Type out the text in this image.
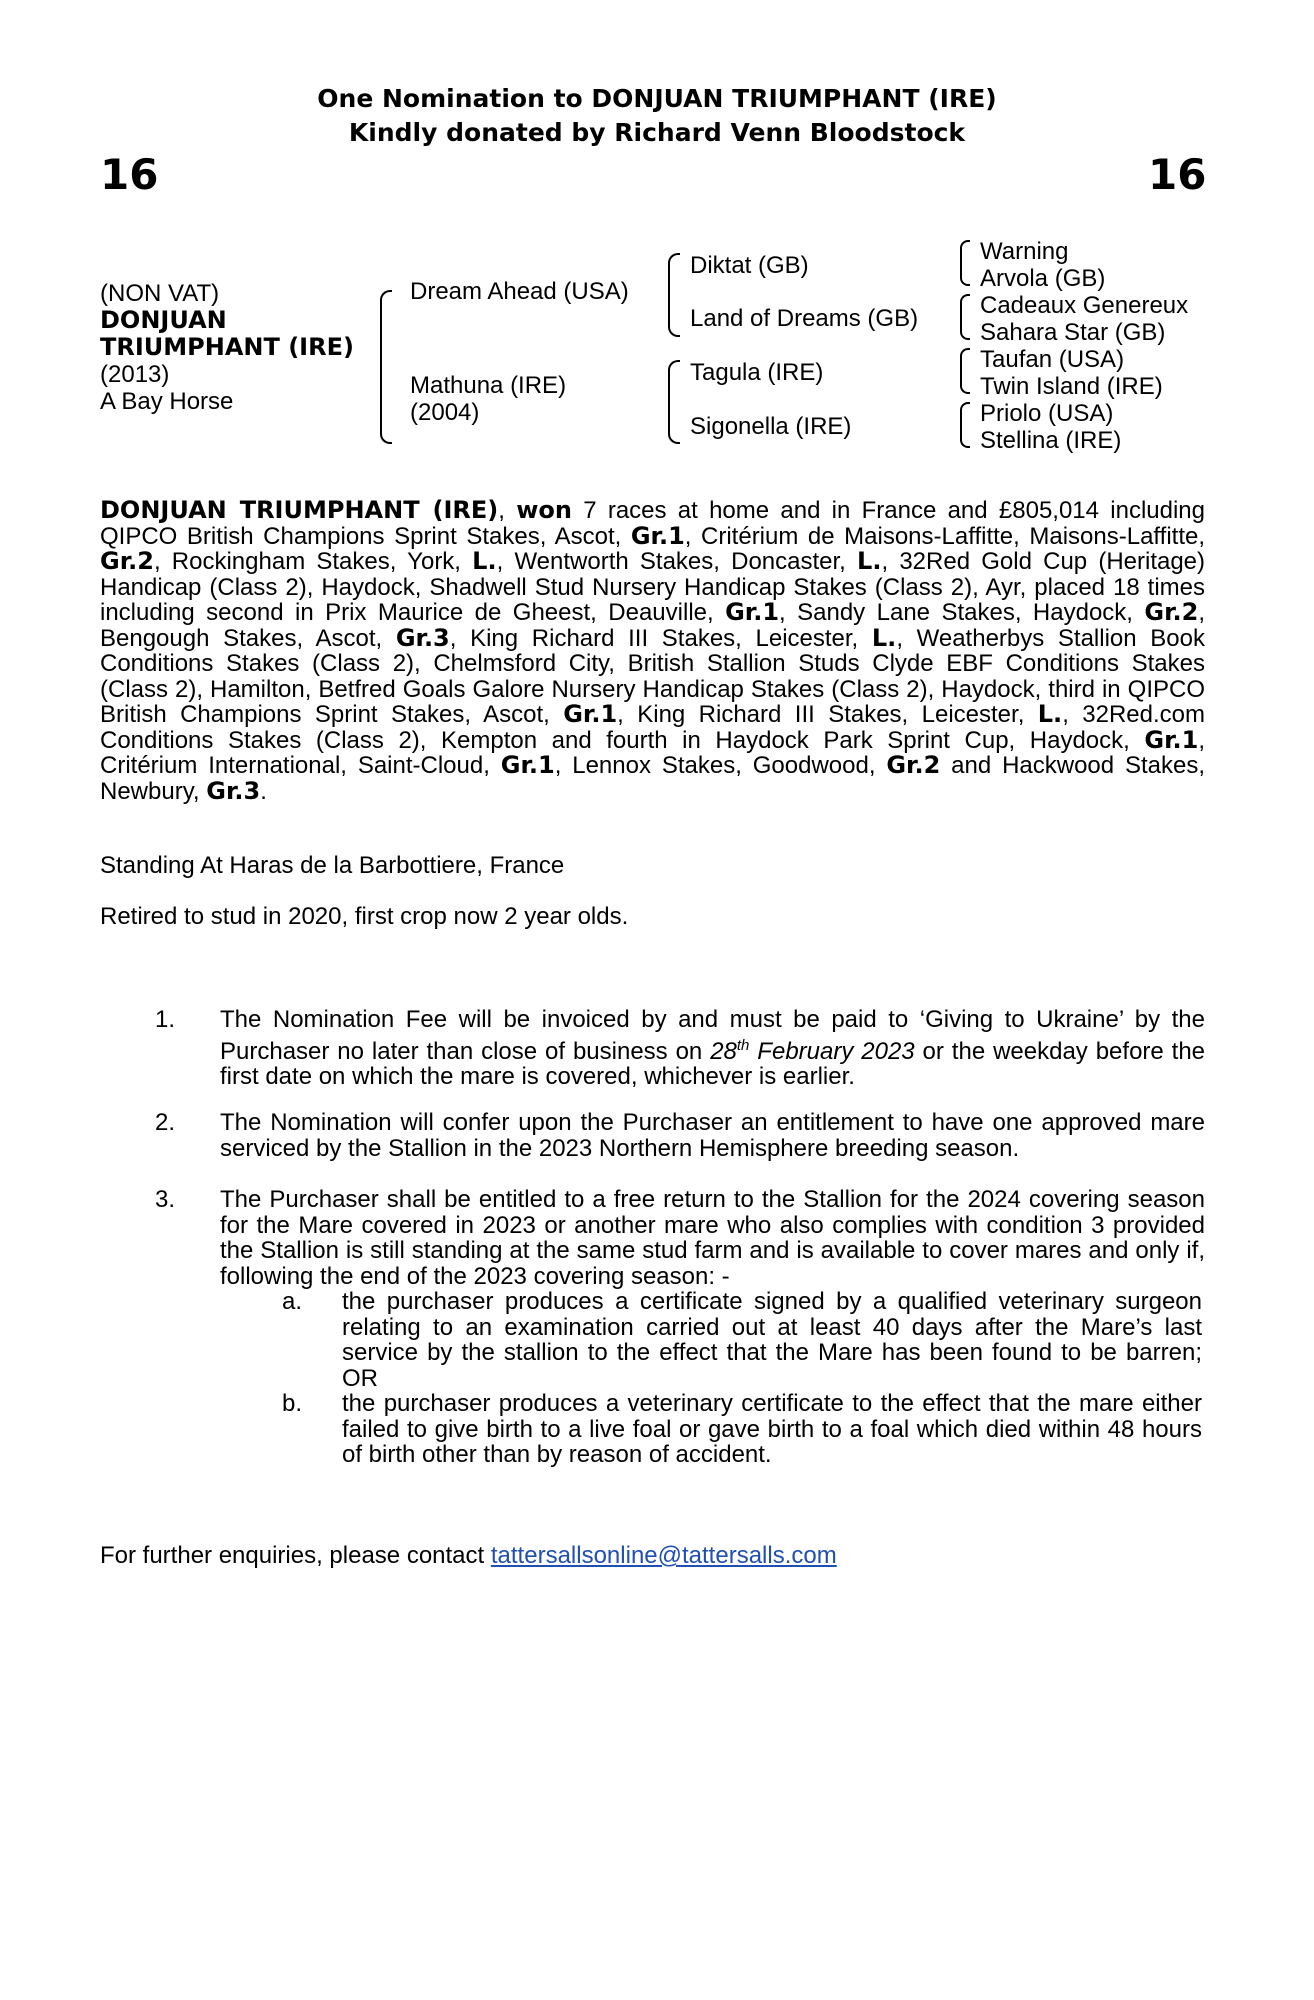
One Nomination to DONJUAN TRIUMPHANT (IRE)
Kindly donated by Richard Venn Bloodstock
16	16
(NON VAT)
DONJUAN
TRIUMPHANT (IRE)
(2013)
A Bay Horse
Dream Ahead (USA)
Mathuna (IRE)
(2004)
Diktat (GB)
Land of Dreams (GB)
Tagula (IRE)
Sigonella (IRE)
Warning
Arvola (GB)
Cadeaux Genereux
Sahara Star (GB)
Taufan (USA)
Twin Island (IRE)
Priolo (USA)
Stellina (IRE)
DONJUAN TRIUMPHANT (IRE), won 7 races at home and in France and £805,014 including QIPCO British Champions Sprint Stakes, Ascot, Gr.1, Critérium de Maisons-Laffitte, Maisons-Laffitte, Gr.2, Rockingham Stakes, York, L., Wentworth Stakes, Doncaster, L., 32Red Gold Cup (Heritage) Handicap (Class 2), Haydock, Shadwell Stud Nursery Handicap Stakes (Class 2), Ayr, placed 18 times including second in Prix Maurice de Gheest, Deauville, Gr.1, Sandy Lane Stakes, Haydock, Gr.2, Bengough Stakes, Ascot, Gr.3, King Richard III Stakes, Leicester, L., Weatherbys Stallion Book Conditions Stakes (Class 2), Chelmsford City, British Stallion Studs Clyde EBF Conditions Stakes (Class 2), Hamilton, Betfred Goals Galore Nursery Handicap Stakes (Class 2), Haydock, third in QIPCO British Champions Sprint Stakes, Ascot, Gr.1, King Richard III Stakes, Leicester, L., 32Red.com Conditions Stakes (Class 2), Kempton and fourth in Haydock Park Sprint Cup, Haydock, Gr.1, Critérium International, Saint-Cloud, Gr.1, Lennox Stakes, Goodwood, Gr.2 and Hackwood Stakes, Newbury, Gr.3.
Standing At Haras de la Barbottiere, France
Retired to stud in 2020, first crop now 2 year olds.
1. The Nomination Fee will be invoiced by and must be paid to ‘Giving to Ukraine’ by the Purchaser no later than close of business on 28th February 2023 or the weekday before the first date on which the mare is covered, whichever is earlier.
2. The Nomination will confer upon the Purchaser an entitlement to have one approved mare serviced by the Stallion in the 2023 Northern Hemisphere breeding season.
3. The Purchaser shall be entitled to a free return to the Stallion for the 2024 covering season for the Mare covered in 2023 or another mare who also complies with condition 3 provided the Stallion is still standing at the same stud farm and is available to cover mares and only if, following the end of the 2023 covering season: -
a. the purchaser produces a certificate signed by a qualified veterinary surgeon relating to an examination carried out at least 40 days after the Mare’s last service by the stallion to the effect that the Mare has been found to be barren; OR
b. the purchaser produces a veterinary certificate to the effect that the mare either failed to give birth to a live foal or gave birth to a foal which died within 48 hours of birth other than by reason of accident.
For further enquiries, please contact tattersallsonline@tattersalls.com
